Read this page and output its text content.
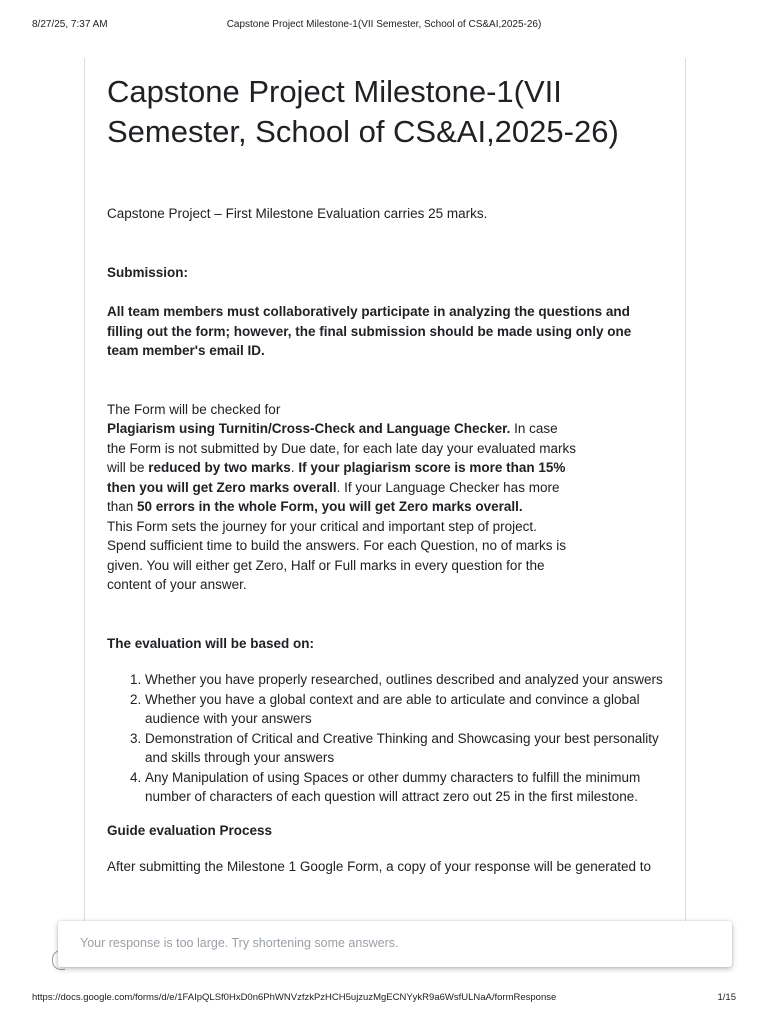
8/27/25, 7:37 AM	Capstone Project Milestone-1(VII Semester, School of CS&AI,2025-26)
Capstone Project Milestone-1(VII Semester, School of CS&AI,2025-26)

Capstone Project – First Milestone Evaluation carries 25 marks.

Submission:

All team members must collaboratively participate in analyzing the questions and filling out the form; however, the final submission should be made using only one team member's email ID.

The Form will be checked for
Plagiarism using Turnitin/Cross-Check and Language Checker. In case the Form is not submitted by Due date, for each late day your evaluated marks will be reduced by two marks. If your plagiarism score is more than 15% then you will get Zero marks overall. If your Language Checker has more than 50 errors in the whole Form, you will get Zero marks overall.
This Form sets the journey for your critical and important step of project. Spend sufficient time to build the answers. For each Question, no of marks is given. You will either get Zero, Half or Full marks in every question for the content of your answer.

The evaluation will be based on:

1. Whether you have properly researched, outlines described and analyzed your answers
2. Whether you have a global context and are able to articulate and convince a global audience with your answers
3. Demonstration of Critical and Creative Thinking and Showcasing your best personality and skills through your answers
4. Any Manipulation of using Spaces or other dummy characters to fulfill the minimum number of characters of each question will attract zero out 25 in the first milestone.

Guide evaluation Process

After submitting the Milestone 1 Google Form, a copy of your response will be generated to

Your response is too large. Try shortening some answers.
https://docs.google.com/forms/d/e/1FAIpQLSf0HxD0n6PhWNVzfzkPzHCH5ujzuzMgECNYykR9a6WsfULNaA/formResponse	1/15
